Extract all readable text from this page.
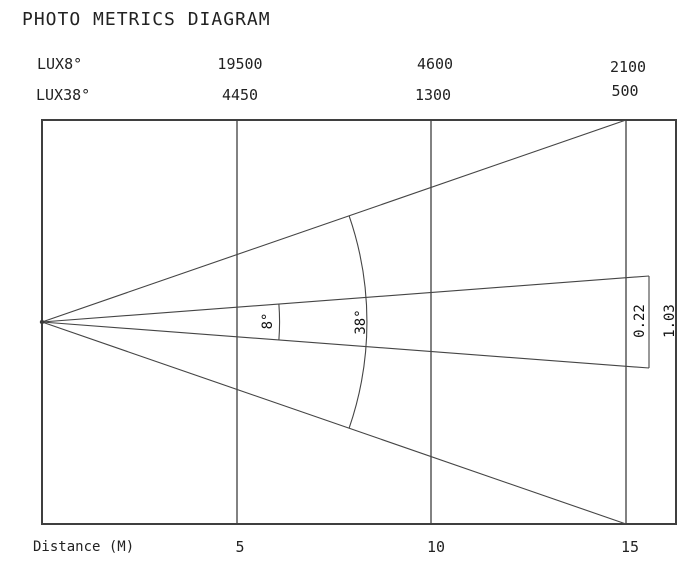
PHOTO METRICS DIAGRAM
LUX8°	19500	4600	2100
LUX38°	4450	1300	500
8°	38°	0.22 1.03
Distance (M)	5	10	15
